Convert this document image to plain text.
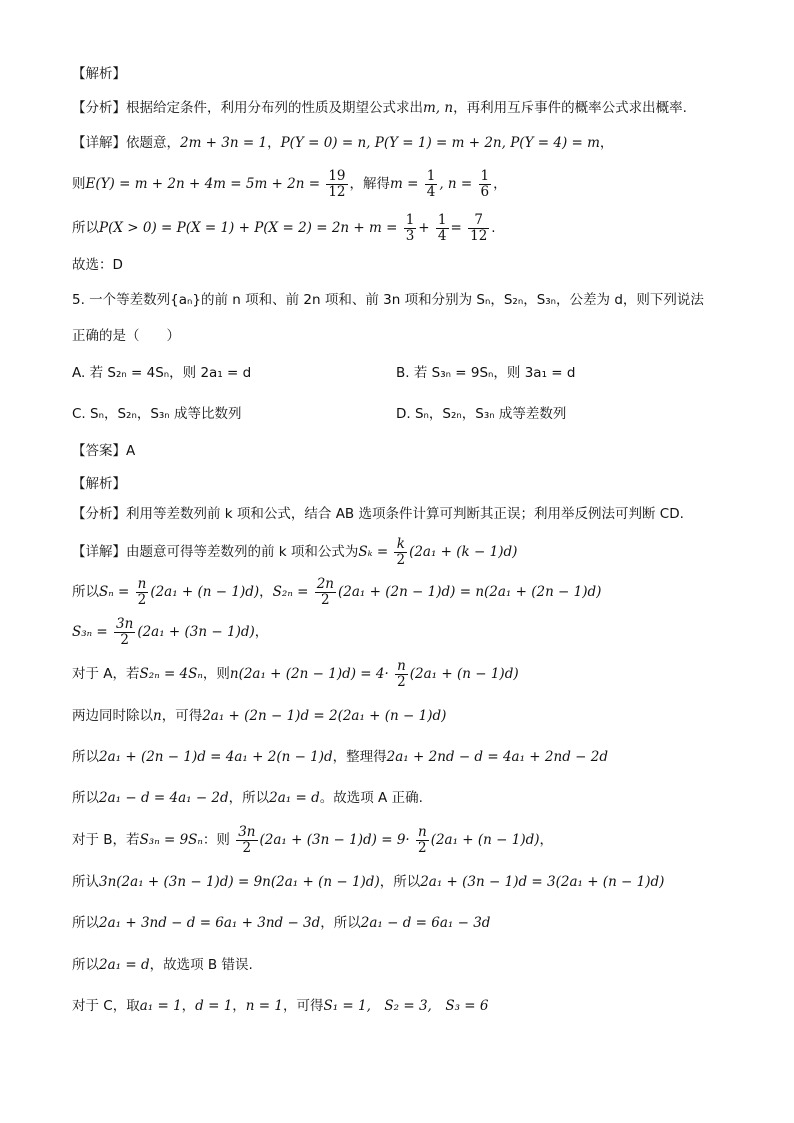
【解析】
【分析】根据给定条件，利用分布列的性质及期望公式求出m, n，再利用互斥事件的概率公式求出概率.
【详解】依题意，2m + 3n = 1，P(Y = 0) = n, P(Y = 1) = m + 2n, P(Y = 4) = m，
则$E(Y) = m + 2n + 4m = 5m + 2n = \frac{19}{12}$ ，解得$m = \frac{1}{4}$ , $n = \frac{1}{6}$ ，
所以$P(X > 0) = P(X = 1) + P(X = 2) = 2n + m = \frac{1}{3} + \frac{1}{4} = \frac{7}{12}$ .
故选：D
5. 一个等差数列{aₙ}的前 n 项和、前 2n 项和、前 3n 项和分别为 Sₙ，S₂ₙ，S₃ₙ，公差为 d，则下列说法
正确的是（　　）
A. 若 S₂ₙ = 4Sₙ，则 2a₁ = d	B. 若 S₃ₙ = 9Sₙ，则 3a₁ = d
C. Sₙ，S₂ₙ，S₃ₙ 成等比数列	D. Sₙ，S₂ₙ，S₃ₙ 成等差数列
【答案】A
【解析】
【分析】利用等差数列前 k 项和公式，结合 AB 选项条件计算可判断其正误；利用举反例法可判断 CD.
【详解】由题意可得等差数列的前 k 项和公式为$S_k = \frac{k}{2} (2a_1 + (k - 1)d)$
所以$S_n = \frac{n}{2} (2a_1 + (n - 1)d)$，$S_{2n} = \frac{2n}{2} (2a_1 + (2n - 1)d) = n(2a_1 + (2n - 1)d)$
$S_{3n} = \frac{3n}{2} (2a_1 + (3n - 1)d)$，
对于 A，若S₂ₙ = 4Sₙ，则$n(2a_1 + (2n - 1)d) = 4\cdot \frac{n}{2} (2a_1 + (n - 1)d)$
两边同时除以n，可得2a₁ + (2n − 1)d = 2(2a₁ + (n − 1)d)
所以2a₁ + (2n − 1)d = 4a₁ + 2(n − 1)d，整理得2a₁ + 2nd − d = 4a₁ + 2nd − 2d
所以2a₁ − d = 4a₁ − 2d，所以2a₁ = d。故选项 A 正确.
对于 B，若S₃ₙ = 9Sₙ：则 $\frac{3n}{2} (2a_1 + (3n - 1)d) = 9\cdot \frac{n}{2} (2a_1 + (n - 1)d)$，
所认3n(2a₁ + (3n − 1)d) = 9n(2a₁ + (n − 1)d)，所以2a₁ + (3n − 1)d = 3(2a₁ + (n − 1)d)
所以2a₁ + 3nd − d = 6a₁ + 3nd − 3d，所以2a₁ − d = 6a₁ − 3d
所以2a₁ = d，故选项 B 错误.
对于 C，取a₁ = 1，d = 1，n = 1，可得S₁ = 1,　S₂ = 3,　S₃ = 6
